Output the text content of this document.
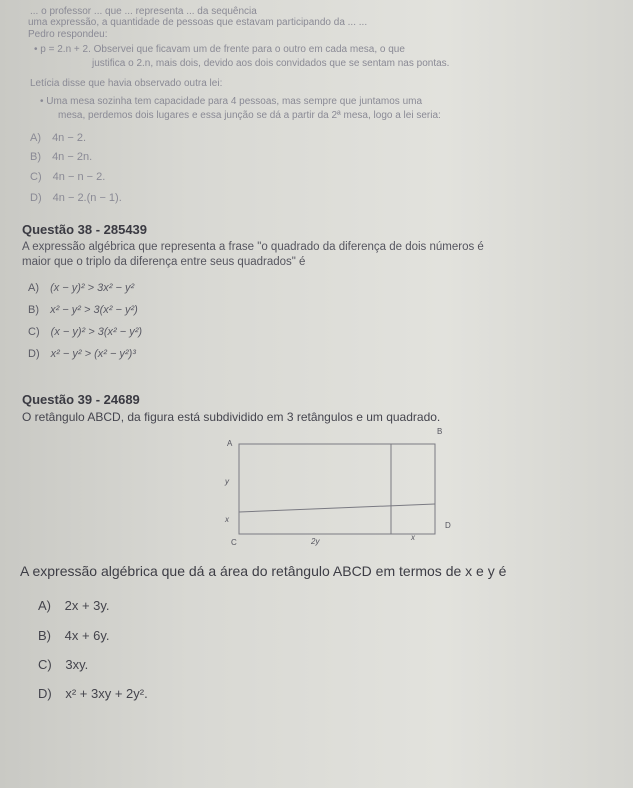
... o professor ... que ... representa ... da sequência
uma expressão, a quantidade de pessoas que estavam participando da ... ...
Pedro respondeu:
• p = 2.n + 2. Observei que ficavam um de frente para o outro em cada mesa, o que
justifica o 2.n, mais dois, devido aos dois convidados que se sentam nas pontas.
Letícia disse que havia observado outra lei:
• Uma mesa sozinha tem capacidade para 4 pessoas, mas sempre que juntamos uma
mesa, perdemos dois lugares e essa junção se dá a partir da 2ª mesa, logo a lei seria:
A) 4n − 2.
B) 4n − 2n.
C) 4n − n − 2.
D) 4n − 2.(n − 1).
Questão 38 - 285439
A expressão algébrica que representa a frase "o quadrado da diferença de dois números é
maior que o triplo da diferença entre seus quadrados" é
A) (x − y)² > 3x² − y²
B) x² − y² > 3(x² − y²)
C) (x − y)² > 3(x² − y²)
D) x² − y² > (x² − y²)³
Questão 39 - 24689
O retângulo ABCD, da figura está subdividido em 3 retângulos e um quadrado.
A
B
y
x
C	2y	x
D
A expressão algébrica que dá a área do retângulo ABCD em termos de x e y é
A) 2x + 3y.
B) 4x + 6y.
C) 3xy.
D) x² + 3xy + 2y².
